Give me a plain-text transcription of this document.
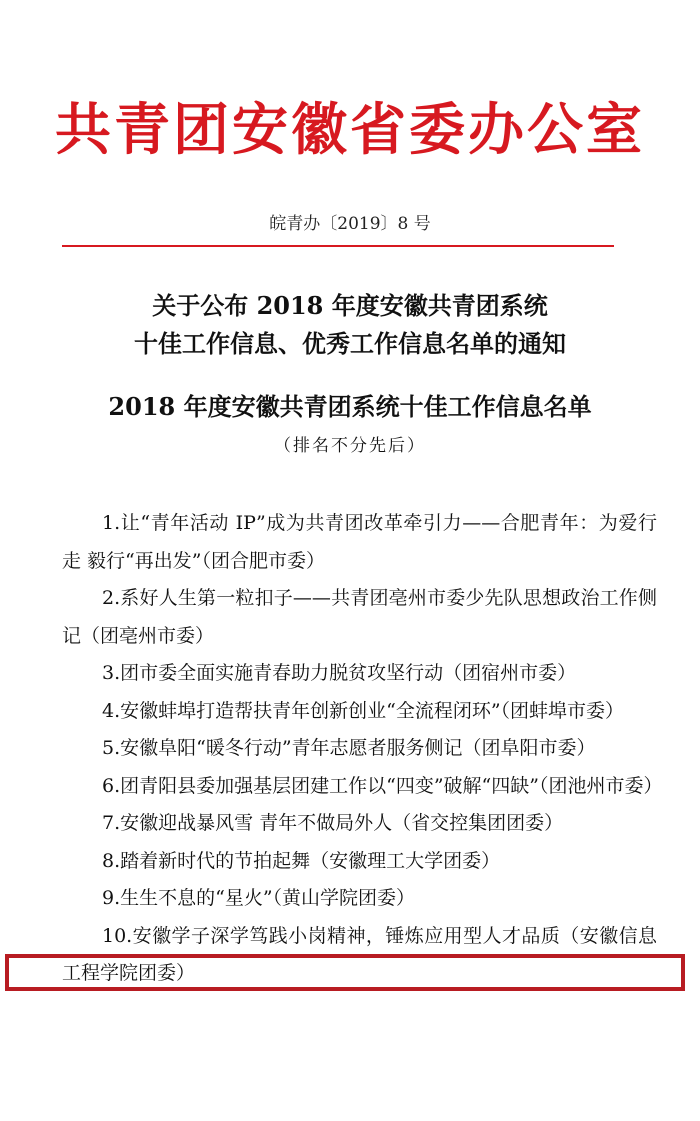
共青团安徽省委办公室
皖青办〔2019〕8 号
关于公布 2018 年度安徽共青团系统
十佳工作信息、优秀工作信息名单的通知
2018 年度安徽共青团系统十佳工作信息名单
（排名不分先后）
1.让“青年活动 IP”成为共青团改革牵引力——合肥青年：为爱行走 毅行“再出发”（团合肥市委）
2.系好人生第一粒扣子——共青团亳州市委少先队思想政治工作侧记（团亳州市委）
3.团市委全面实施青春助力脱贫攻坚行动（团宿州市委）
4.安徽蚌埠打造帮扶青年创新创业“全流程闭环”（团蚌埠市委）
5.安徽阜阳“暖冬行动”青年志愿者服务侧记（团阜阳市委）
6.团青阳县委加强基层团建工作以“四变”破解“四缺”（团池州市委）
7.安徽迎战暴风雪 青年不做局外人（省交控集团团委）
8.踏着新时代的节拍起舞（安徽理工大学团委）
9.生生不息的“星火”（黄山学院团委）
10.安徽学子深学笃践小岗精神，锤炼应用型人才品质（安徽信息工程学院团委）
